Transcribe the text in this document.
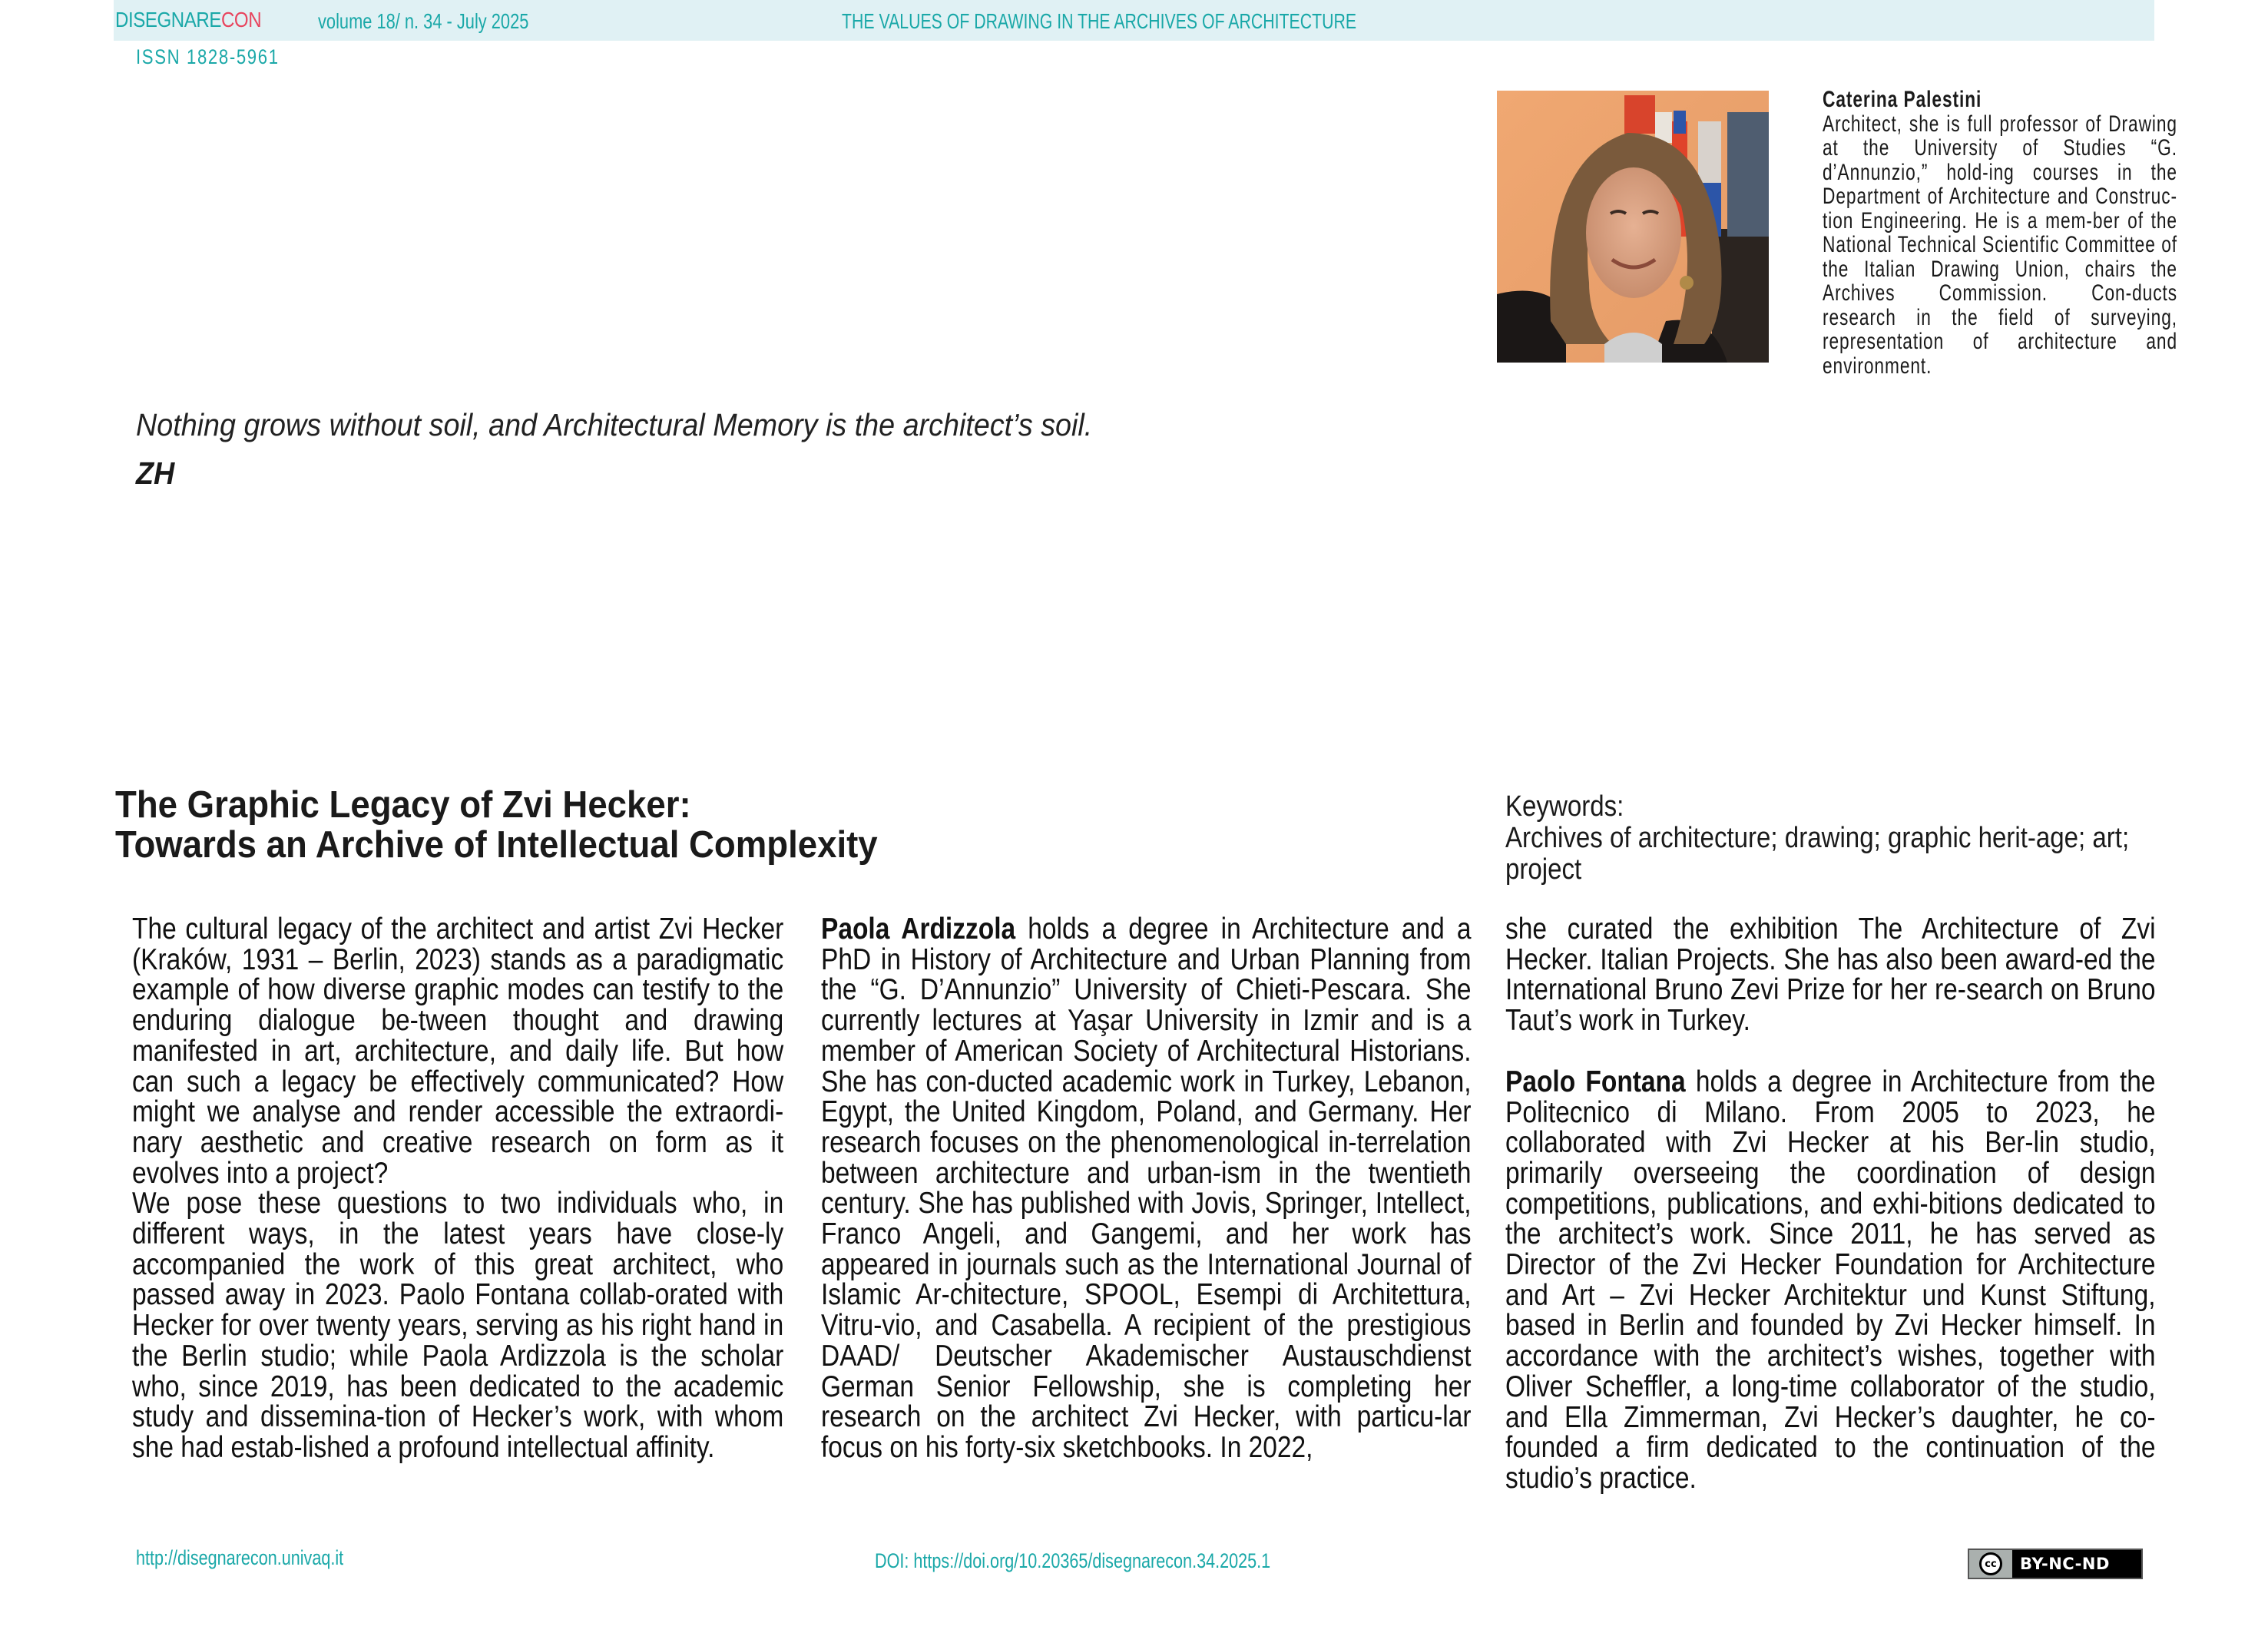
DISEGNARECON	volume 18/ n. 34 - July 2025	THE VALUES OF DRAWING IN THE ARCHIVES OF ARCHITECTURE
ISSN 1828-5961
Caterina Palestini
Architect, she is full professor of Drawing at the University of Studies “G. d’Annunzio,” hold-ing courses in the Department of Architecture and Construc-tion Engineering. He is a mem-ber of the National Technical Scientific Committee of the Italian Drawing Union, chairs the Archives Commission. Con-ducts research in the field of surveying, representation of architecture and environment.
Nothing grows without soil, and Architectural Memory is the architect’s soil.
ZH
The Graphic Legacy of Zvi Hecker:
Towards an Archive of Intellectual Complexity
Keywords:
Archives of architecture; drawing; graphic herit-age; art; project

The cultural legacy of the architect and artist Zvi Hecker (Kraków, 1931 – Berlin, 2023) stands as a paradigmatic example of how diverse graphic modes can testify to the enduring dialogue be-tween thought and drawing manifested in art, architecture, and daily life. But how can such a legacy be effectively communicated? How might we analyse and render accessible the extraordi-nary aesthetic and creative research on form as it evolves into a project?

We pose these questions to two individuals who, in different ways, in the latest years have close-ly accompanied the work of this great architect, who passed away in 2023. Paolo Fontana collab-orated with Hecker for over twenty years, serving as his right hand in the Berlin studio; while Paola Ardizzola is the scholar who, since 2019, has been dedicated to the academic study and dissemina-tion of Hecker’s work, with whom she had estab-lished a profound intellectual affinity.

Paola Ardizzola holds a degree in Architecture and a PhD in History of Architecture and Urban Planning from the “G. D’Annunzio” University of Chieti-Pescara. She currently lectures at Yaşar University in Izmir and is a member of American Society of Architectural Historians. She has con-ducted academic work in Turkey, Lebanon, Egypt, the United Kingdom, Poland, and Germany. Her research focuses on the phenomenological in-terrelation between architecture and urban-ism in the twentieth century. She has published with Jovis, Springer, Intellect, Franco Angeli, and Gangemi, and her work has appeared in journals such as the International Journal of Islamic Ar-chitecture, SPOOL, Esempi di Architettura, Vitru-vio, and Casabella. A recipient of the prestigious DAAD/ Deutscher Akademischer Austauschdienst German Senior Fellowship, she is completing her research on the architect Zvi Hecker, with particu-lar focus on his forty-six sketchbooks. In 2022,

she curated the exhibition The Architecture of Zvi Hecker. Italian Projects. She has also been award-ed the International Bruno Zevi Prize for her re-search on Bruno Taut’s work in Turkey.

Paolo Fontana holds a degree in Architecture from the Politecnico di Milano. From 2005 to 2023, he collaborated with Zvi Hecker at his Ber-lin studio, primarily overseeing the coordination of design competitions, publications, and exhi-bitions dedicated to the architect’s work. Since 2011, he has served as Director of the Zvi Hecker Foundation for Architecture and Art – Zvi Hecker Architektur und Kunst Stiftung, based in Berlin and founded by Zvi Hecker himself. In accordance with the architect’s wishes, together with Oliver Scheffler, a long-time collaborator of the studio, and Ella Zimmerman, Zvi Hecker’s daughter, he co-founded a firm dedicated to the continuation of the studio’s practice.

http://disegnarecon.univaq.it	DOI: https://doi.org/10.20365/disegnarecon.34.2025.1	cc	BY-NC-ND
